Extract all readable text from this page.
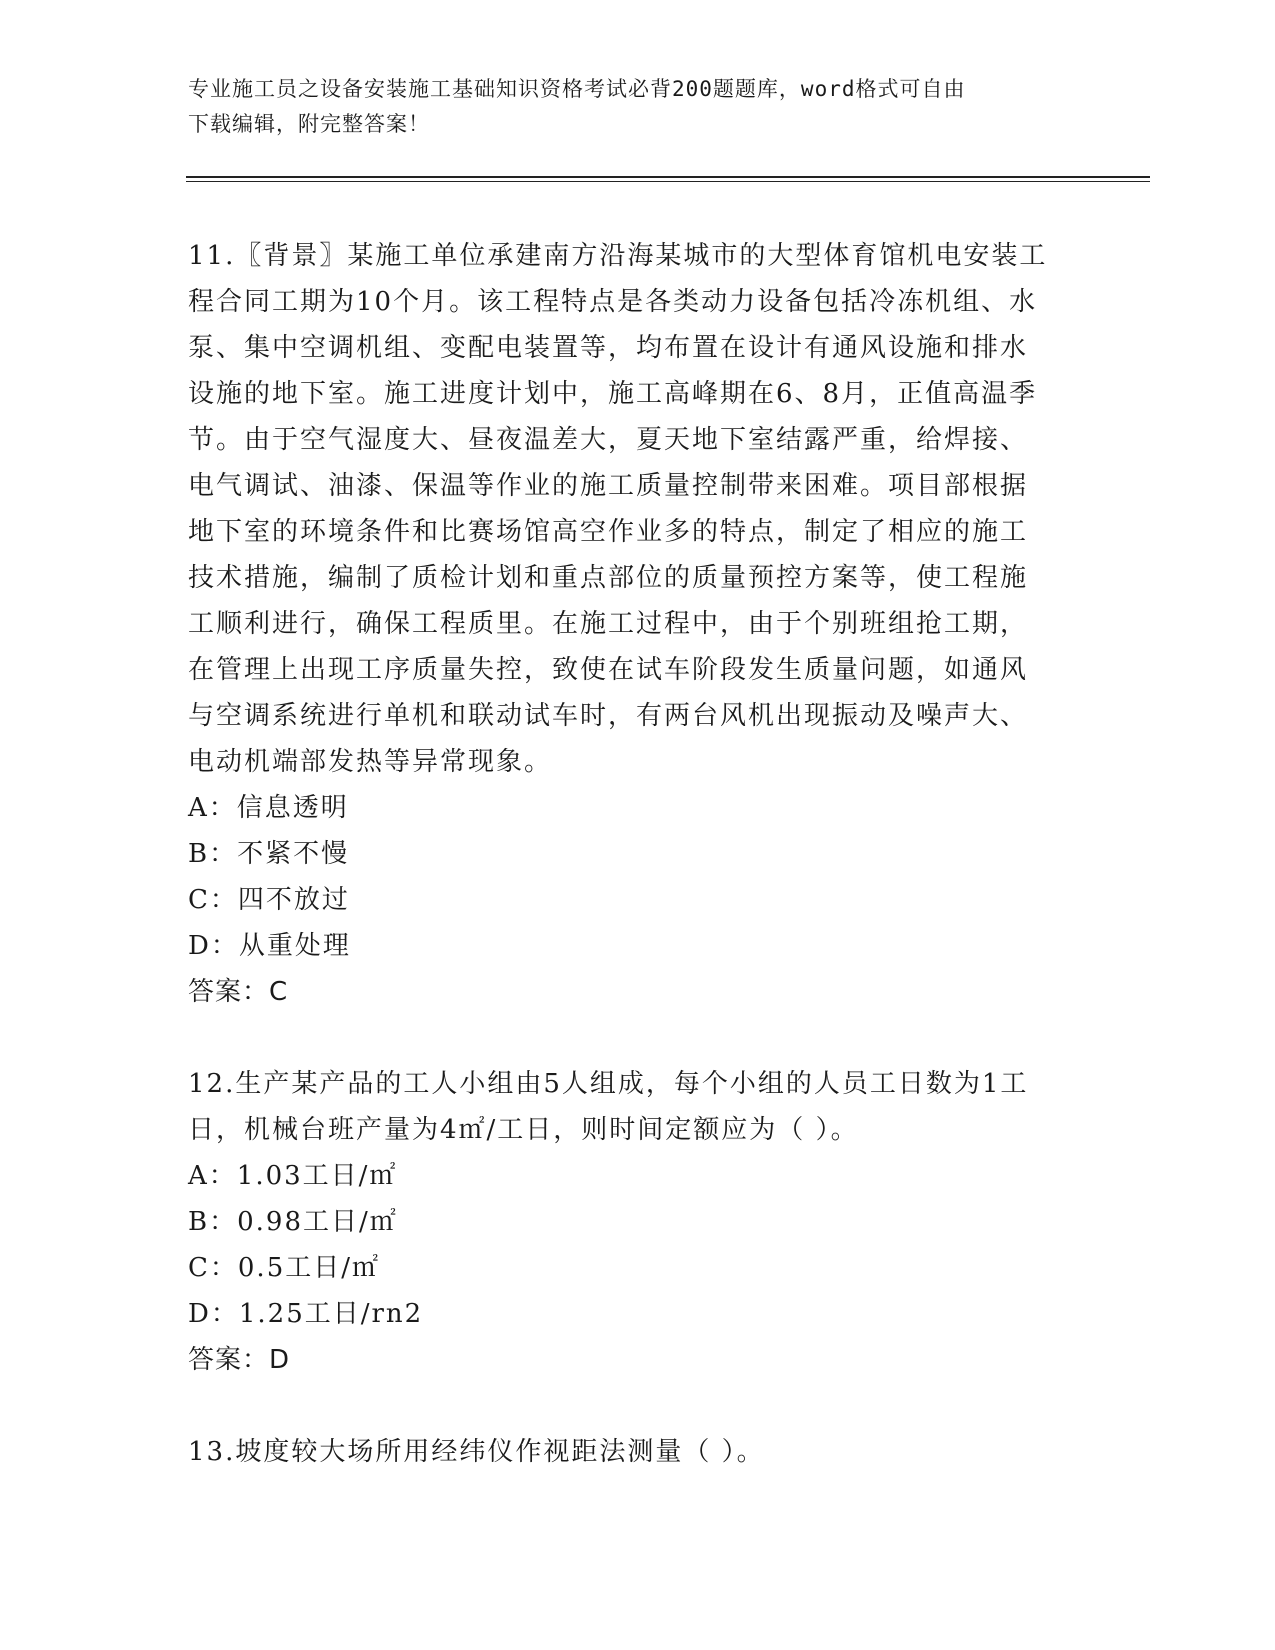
专业施工员之设备安装施工基础知识资格考试必背200题题库，word格式可自由
下载编辑，附完整答案！
11.〖背景〗某施工单位承建南方沿海某城市的大型体育馆机电安装工
程合同工期为10个月。该工程特点是各类动力设备包括冷冻机组、水
泵、集中空调机组、变配电装置等，均布置在设计有通风设施和排水
设施的地下室。施工进度计划中，施工高峰期在6、8月，正值高温季
节。由于空气湿度大、昼夜温差大，夏天地下室结露严重，给焊接、
电气调试、油漆、保温等作业的施工质量控制带来困难。项目部根据
地下室的环境条件和比赛场馆高空作业多的特点，制定了相应的施工
技术措施，编制了质检计划和重点部位的质量预控方案等，使工程施
工顺利进行，确保工程质里。在施工过程中，由于个别班组抢工期，
在管理上出现工序质量失控，致使在试车阶段发生质量问题，如通风
与空调系统进行单机和联动试车时，有两台风机出现振动及噪声大、
电动机端部发热等异常现象。
A：信息透明
B：不紧不慢
C：四不放过
D：从重处理
答案：C
12.生产某产品的工人小组由5人组成，每个小组的人员工日数为1工
日，机械台班产量为4㎡/工日，则时间定额应为（ ）。
A：1.03工日/㎡
B：0.98工日/㎡
C：0.5工日/㎡
D：1.25工日/rn2
答案：D
13.坡度较大场所用经纬仪作视距法测量（ ）。
